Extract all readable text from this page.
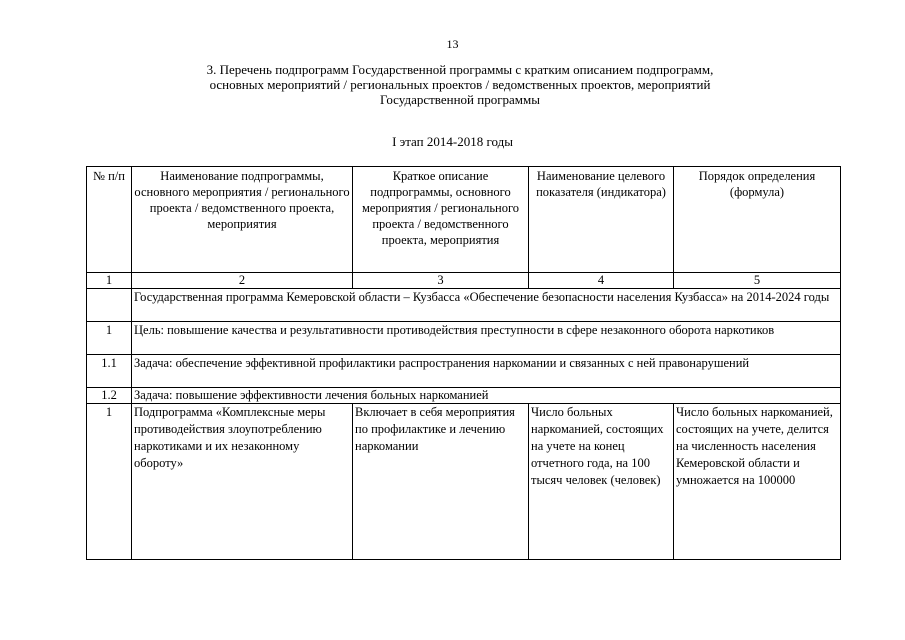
13
3. Перечень подпрограмм Государственной программы с кратким описанием подпрограмм,
основных мероприятий / региональных проектов / ведомственных проектов, мероприятий
Государственной программы
I этап 2014-2018 годы
№ п/п	Наименование подпрограммы, основного мероприятия / регионального проекта / ведомственного проекта, мероприятия	Краткое описание подпрограммы, основного мероприятия / регионального проекта / ведомственного проекта, мероприятия	Наименование целевого показателя (индикатора)	Порядок определения (формула)
1	2	3	4	5
	Государственная программа Кемеровской области – Кузбасса «Обеспечение безопасности населения Кузбасса» на 2014-2024 годы			
1	Цель: повышение качества и результативности противодействия преступности в сфере незаконного оборота наркотиков			
1.1	Задача: обеспечение эффективной профилактики распространения наркомании и связанных с ней правонарушений			
1.2	Задача: повышение эффективности лечения больных наркоманией			
1	Подпрограмма «Комплексные меры противодействия злоупотреблению наркотиками и их незаконному обороту»	Включает в себя мероприятия по профилактике и лечению наркомании	Число больных наркоманией, состоящих на учете на конец отчетного года, на 100 тысяч человек (человек)	Число больных наркоманией, состоящих на учете, делится на численность населения Кемеровской области и умножается на 100000
